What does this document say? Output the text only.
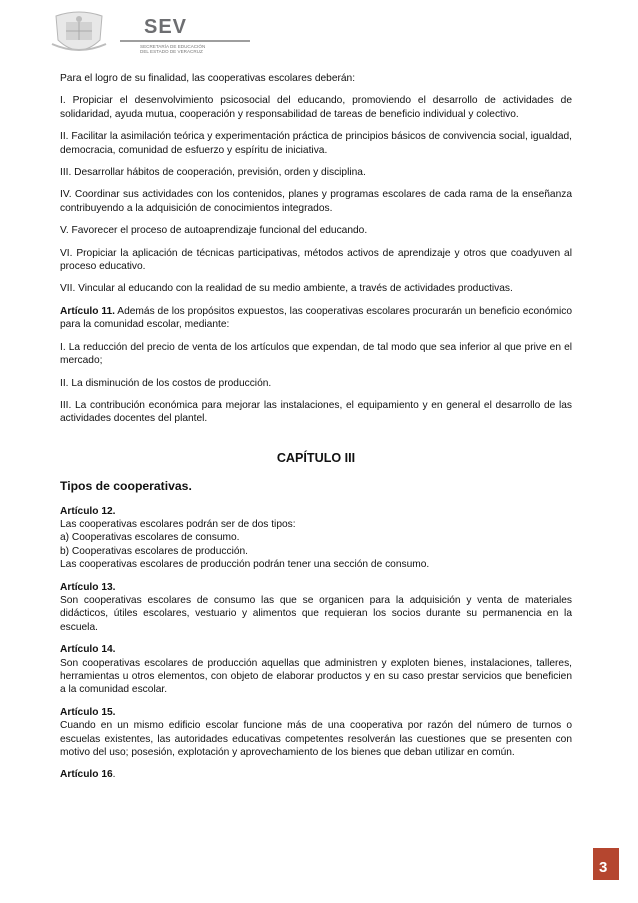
SEV
SECRETARÍA DE EDUCACIÓN
DEL ESTADO DE VERACRUZ

Para el logro de su finalidad, las cooperativas escolares deberán:

I. Propiciar el desenvolvimiento psicosocial del educando, promoviendo el desarrollo de actividades de solidaridad, ayuda mutua, cooperación y responsabilidad de tareas de beneficio individual y colectivo.

II. Facilitar la asimilación teórica y experimentación práctica de principios básicos de convivencia social, igualdad, democracia, comunidad de esfuerzo y espíritu de iniciativa.

III. Desarrollar hábitos de cooperación, previsión, orden y disciplina.

IV. Coordinar sus actividades con los contenidos, planes y programas escolares de cada rama de la enseñanza contribuyendo a la adquisición de conocimientos integrados.

V. Favorecer el proceso de autoaprendizaje funcional del educando.

VI. Propiciar la aplicación de técnicas participativas, métodos activos de aprendizaje y otros que coadyuven al proceso educativo.

VII. Vincular al educando con la realidad de su medio ambiente, a través de actividades productivas.

Artículo 11. Además de los propósitos expuestos, las cooperativas escolares procurarán un beneficio económico para la comunidad escolar, mediante:

I. La reducción del precio de venta de los artículos que expendan, de tal modo que sea inferior al que prive en el mercado;

II. La disminución de los costos de producción.

III. La contribución económica para mejorar las instalaciones, el equipamiento y en general el desarrollo de las actividades docentes del plantel.

CAPÍTULO III
Tipos de cooperativas.
Artículo 12.
Las cooperativas escolares podrán ser de dos tipos:
a) Cooperativas escolares de consumo.
b) Cooperativas escolares de producción.
Las cooperativas escolares de producción podrán tener una sección de consumo.
Artículo 13.
Son cooperativas escolares de consumo las que se organicen para la adquisición y venta de materiales didácticos, útiles escolares, vestuario y alimentos que requieran los socios durante su permanencia en la escuela.
Artículo 14.
Son cooperativas escolares de producción aquellas que administren y exploten bienes, instalaciones, talleres, herramientas u otros elementos, con objeto de elaborar productos y en su caso prestar servicios que beneficien a la comunidad escolar.
Artículo 15.
Cuando en un mismo edificio escolar funcione más de una cooperativa por razón del número de turnos o escuelas existentes, las autoridades educativas competentes resolverán las cuestiones que se presenten con motivo del uso; posesión, explotación y aprovechamiento de los bienes que deban utilizar en común.
Artículo 16.
3
